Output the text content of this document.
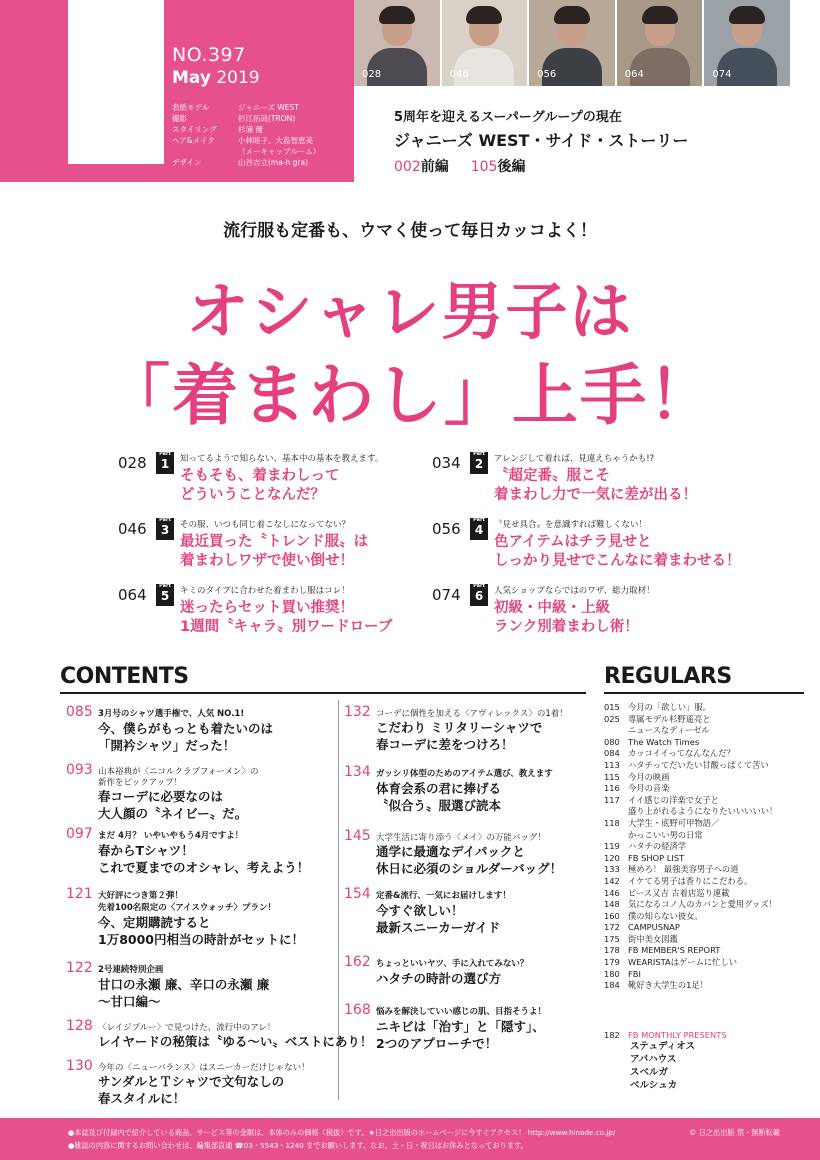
NO.397
May 2019
表紙モデル	ジャニーズ WEST
撮影	杉江拓哉(TRON)
スタイリング	杉浦 優
ヘア&メイク	小林睦子、大島智恵美
（メーキャップルーム）
デザイン	山谷吉立(ma-h gra)
028	046	056	064	074
5周年を迎えるスーパーグループの現在
ジャニーズ WEST・サイド・ストーリー
002前編 105後編
流行服も定番も、ウマく使って毎日カッコよく！
オシャレ男子は
「着まわし」上手！
028	Part
1	知ってるようで知らない、基本中の基本を教えます。
そもそも、着まわしって
どういうことなんだ？
034	Part
2	アレンジして着れば、見違えちゃうかも!?
〝超定番〟服こそ
着まわし力で一気に差が出る！
046	Part
3	その服、いつも同じ着こなしになってない？
最近買った〝トレンド服〟は
着まわしワザで使い倒せ！
056	Part
4	〝見せ具合〟を意識すれば難しくない！
色アイテムはチラ見せと
しっかり見せでこんなに着まわせる！
064	Part
5	キミのタイプに合わせた着まわし服はコレ！
迷ったらセット買い推奨！
1週間〝キャラ〟別ワードローブ
074	Part
6	人気ショップならではのワザ、総力取材！
初級・中級・上級
ランク別着まわし術！
CONTENTS
085 3月号のシャツ選手権で、人気 NO.1!
今、僕らがもっとも着たいのは
「開衿シャツ」だった！
093 山本裕典が〈ニコルクラブフォーメン〉の
新作をピックアップ！
春コーデに必要なのは
大人顔の〝ネイビー〟だ。
097 まだ 4月？ いやいやもう4月ですよ！
春からTシャツ！
これで夏までのオシャレ、考えよう！
121 大好評につき第２弾！
先着100名限定の〈アイスウォッチ〉プラン！
今、定期購読すると
1万8000円相当の時計がセットに！
122 2号連続特別企画
甘口の永瀬 廉、辛口の永瀬 廉
〜甘口編〜
128 〈レイジブルー〉で見つけた、流行中のアレ！
レイヤードの秘策は〝ゆる〜い〟ベストにあり！
130 今年の〈ニューバランス〉はスニーカーだけじゃない！
サンダルとＴシャツで文句なしの
春スタイルに！
132 コーデに個性を加える〈アヴィレックス〉の1着！
こだわり ミリタリーシャツで
春コーデに差をつけろ！
134 ガッシリ体型のためのアイテム選び、教えます
体育会系の君に捧げる
〝似合う〟服選び読本
145 大学生活に寄り添う〈メイ〉の万能バッグ！
通学に最適なデイパックと
休日に必須のショルダーバッグ！
154 定番&流行、一気にお届けします！
今すぐ欲しい！
最新スニーカーガイド
162 ちょっといいヤツ、手に入れてみない？
ハタチの時計の選び方
168 悩みを解決していい感じの肌、目指そうよ！
ニキビは「治す」と「隠す」、
2つのアプローチで！
REGULARS
015 今月の「欲しい」服。
025 専属モデル杉野遥亮と
ニュースなディーゼル
080 The Watch Times
084 カッコイイってなんなんだ？
113 ハタチってだいたい甘酸っぱくて苦い
115 今月の映画
116 今月の音楽
117 イイ感じの洋楽で女子と
盛り上がれるようになりたいいいいい！
118 大学生・底野可甲物語／
かっこいい男の日常
119 ハタチの経済学
120 FB SHOP LIST
133 極めろ！ 最強美容男子への道
142 イケてる男子は香りにこだわる。
146 ピース又吉 古着店巡り連載
148 気になるコノ人のカバンと愛用グッズ！
160 僕の知らない彼女。
172 CAMPUSNAP
175 街中美女図鑑
178 FB MEMBER'S REPORT
179 WEARISTAはゲームに忙しい
180 FBI
184 靴好き大学生の1足！
182 FB MONTHLY PRESENTS
ステュディオス
アバハウス
スベルガ
ベルシュカ
●本誌及び付録内で紹介している商品、サービス等の金額は、本体のみの価格（税抜）です。★日之出出版のホームページに今すぐアクセス！ http://www.hinode.co.jp/
●雑誌の内容に関するお問い合わせは、編集部直通 ☎03・5543・1240 までお願いします。なお、土・日・祝日はお休みとなっております。
© 日之出出版 禁・無断転載
